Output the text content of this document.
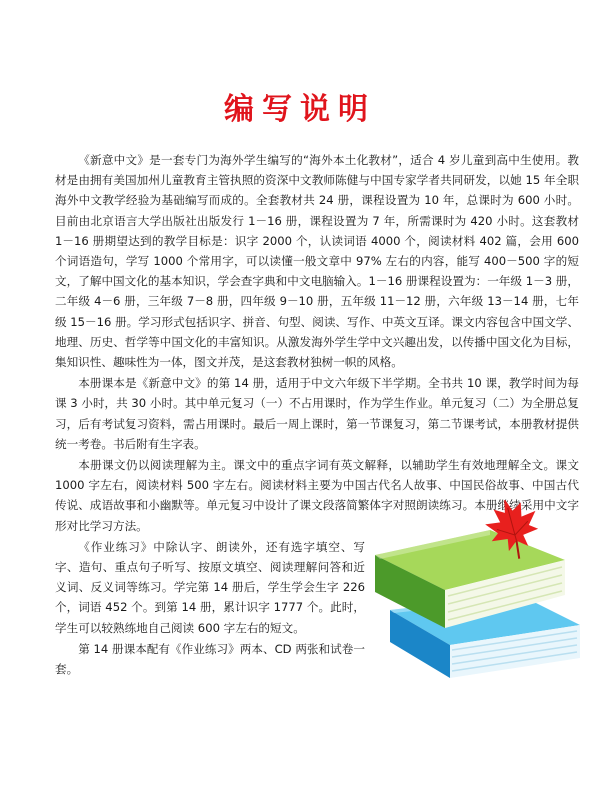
编写说明

《新意中文》是一套专门为海外学生编写的“海外本土化教材”，适合 4 岁儿童到高中生使用。教材是由拥有美国加州儿童教育主管执照的资深中文教师陈健与中国专家学者共同研发，以她 15 年全职海外中文教学经验为基础编写而成的。全套教材共 24 册，课程设置为 10 年，总课时为 600 小时。目前由北京语言大学出版社出版发行 1－16 册，课程设置为 7 年，所需课时为 420 小时。这套教材 1－16 册期望达到的教学目标是：识字 2000 个，认读词语 4000 个，阅读材料 402 篇，会用 600 个词语造句，学写 1000 个常用字，可以读懂一般文章中 97% 左右的内容，能写 400－500 字的短文，了解中国文化的基本知识，学会查字典和中文电脑输入。1－16 册课程设置为：一年级 1－3 册，二年级 4－6 册，三年级 7－8 册，四年级 9－10 册，五年级 11－12 册，六年级 13－14 册，七年级 15－16 册。学习形式包括识字、拼音、句型、阅读、写作、中英文互译。课文内容包含中国文学、地理、历史、哲学等中国文化的丰富知识。从激发海外学生学中文兴趣出发，以传播中国文化为目标，集知识性、趣味性为一体，图文并茂，是这套教材独树一帜的风格。

本册课本是《新意中文》的第 14 册，适用于中文六年级下半学期。全书共 10 课，教学时间为每课 3 小时，共 30 小时。其中单元复习（一）不占用课时，作为学生作业。单元复习（二）为全册总复习，后有考试复习资料，需占用课时。最后一周上课时，第一节课复习，第二节课考试，本册教材提供统一考卷。书后附有生字表。

本册课文仍以阅读理解为主。课文中的重点字词有英文解释，以辅助学生有效地理解全文。课文 1000 字左右，阅读材料 500 字左右。阅读材料主要为中国古代名人故事、中国民俗故事、中国古代传说、成语故事和小幽默等。单元复习中设计了课文段落简繁体字对照朗读练习。本册继续采用中文字形对比学习方法。

《作业练习》中除认字、朗读外，还有选字填空、写字、造句、重点句子听写、按原文填空、阅读理解问答和近义词、反义词等练习。学完第 14 册后，学生学会生字 226 个，词语 452 个。到第 14 册，累计识字 1777 个。此时，学生可以较熟练地自己阅读 600 字左右的短文。

第 14 册课本配有《作业练习》两本、CD 两张和试卷一套。
